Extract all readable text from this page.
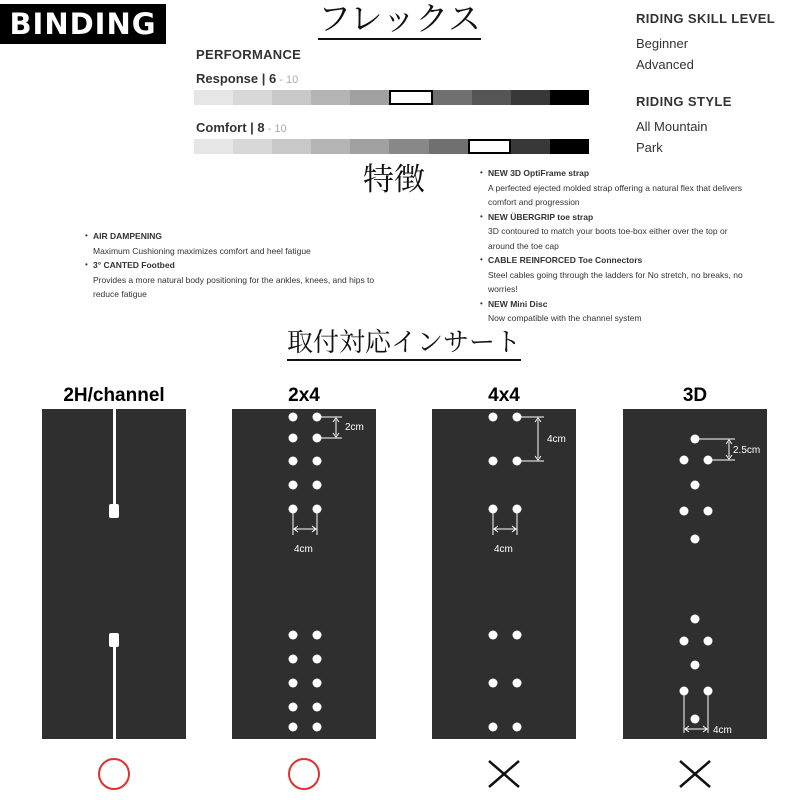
BINDING	フレックス
特徴
取付対応インサート
PERFORMANCE
Response | 6 - 10
Comfort | 8 - 10
RIDING SKILL LEVEL
Beginner
Advanced
RIDING STYLE
All Mountain
Park
• AIR DAMPENING
Maximum Cushioning maximizes comfort and heel fatigue
• 3° CANTED Footbed
Provides a more natural body positioning for the ankles, knees, and hips to reduce fatigue
• NEW 3D OptiFrame strap
A perfected ejected molded strap offering a natural flex that delivers comfort and progression
• NEW ÜBERGRIP toe strap
3D contoured to match your boots toe-box either over the top or around the toe cap
• CABLE REINFORCED Toe Connectors
Steel cables going through the ladders for No stretch, no breaks, no worries!
• NEW Mini Disc
Now compatible with the channel system
2H/channel	2x4	4x4	3D
2cm
4cm
4cm
4cm
2.5cm
4cm
